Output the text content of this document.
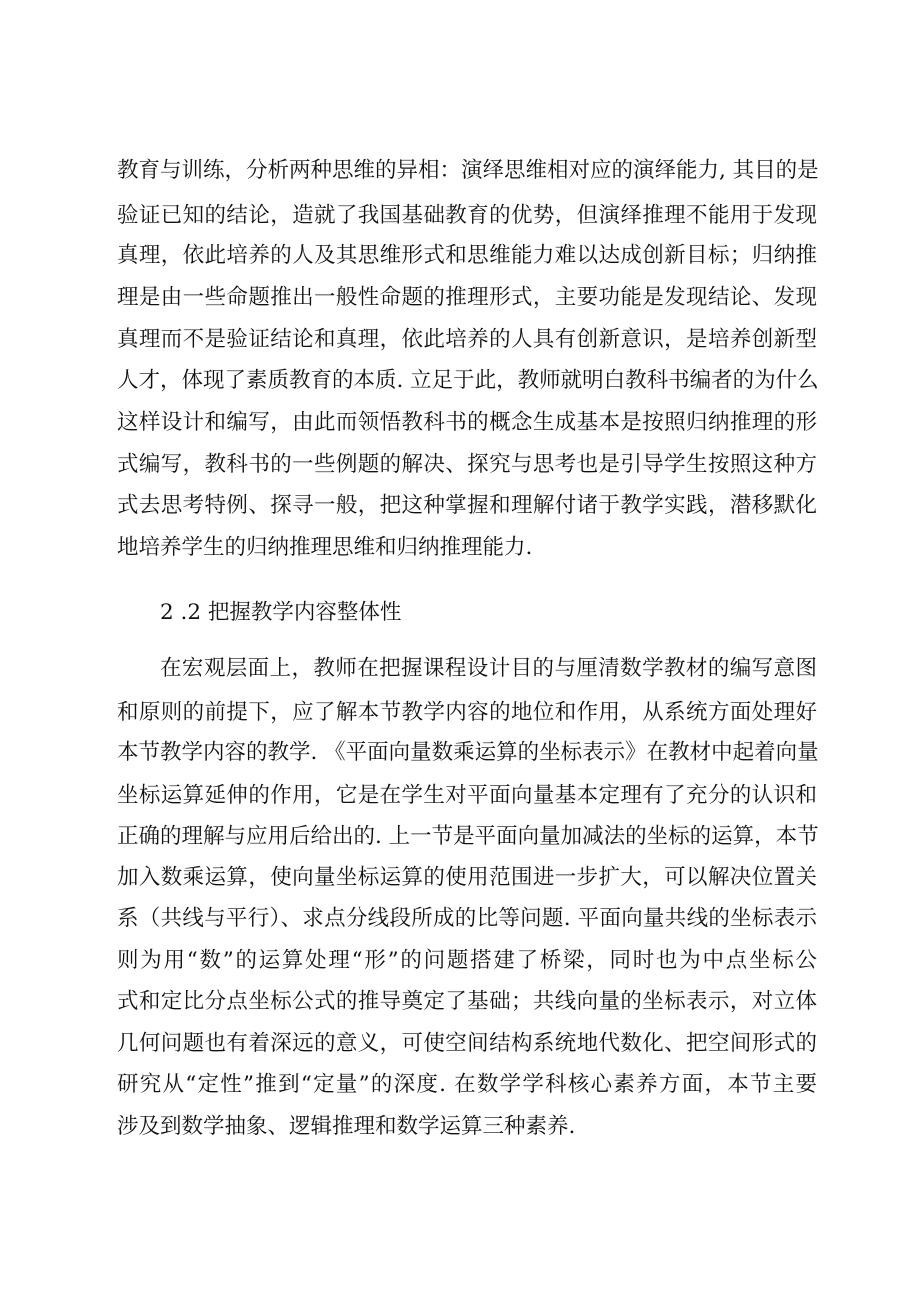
教育与训练，分析两种思维的异相：演绎思维相对应的演绎能力, 其目的是
验证已知的结论，造就了我国基础教育的优势，但演绎推理不能用于发现
真理，依此培养的人及其思维形式和思维能力难以达成创新目标；归纳推
理是由一些命题推出一般性命题的推理形式，主要功能是发现结论、发现
真理而不是验证结论和真理，依此培养的人具有创新意识，是培养创新型
人才，体现了素质教育的本质. 立足于此，教师就明白教科书编者的为什么
这样设计和编写，由此而领悟教科书的概念生成基本是按照归纳推理的形
式编写，教科书的一些例题的解决、探究与思考也是引导学生按照这种方
式去思考特例、探寻一般，把这种掌握和理解付诸于教学实践，潜移默化
地培养学生的归纳推理思维和归纳推理能力.
2 .2 把握教学内容整体性
在宏观层面上，教师在把握课程设计目的与厘清数学教材的编写意图
和原则的前提下，应了解本节教学内容的地位和作用，从系统方面处理好
本节教学内容的教学. 《平面向量数乘运算的坐标表示》在教材中起着向量
坐标运算延伸的作用，它是在学生对平面向量基本定理有了充分的认识和
正确的理解与应用后给出的. 上一节是平面向量加减法的坐标的运算，本节
加入数乘运算，使向量坐标运算的使用范围进一步扩大，可以解决位置关
系（共线与平行）、求点分线段所成的比等问题. 平面向量共线的坐标表示
则为用“数”的运算处理“形”的问题搭建了桥梁，同时也为中点坐标公
式和定比分点坐标公式的推导奠定了基础；共线向量的坐标表示，对立体
几何问题也有着深远的意义，可使空间结构系统地代数化、把空间形式的
研究从“定性”推到“定量”的深度. 在数学学科核心素养方面，本节主要
涉及到数学抽象、逻辑推理和数学运算三种素养.
